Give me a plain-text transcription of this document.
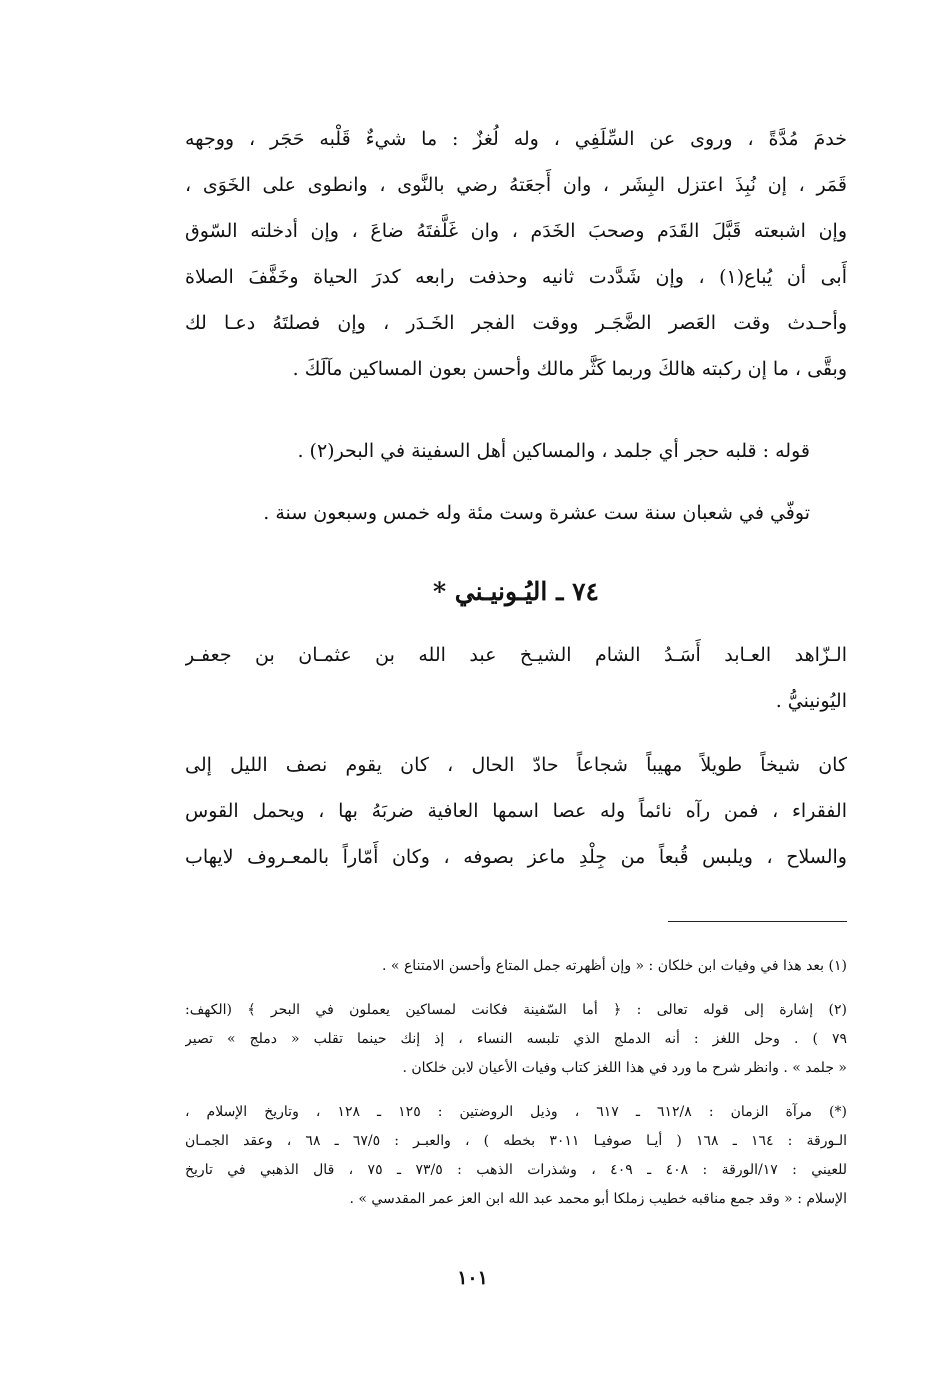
خدمَ مُدَّةً ، وروى عن السِّلَفِي ، وله لُغزٌ : ما شيءٌ قَلْبه حَجَر ، ووجهه
قَمَر ، إن نُبِذَ اعتزل البِشَر ، وان أَجعَتهُ رضي بالنَّوى ، وانطوى على الخَوَى ،
وإن اشبعته قَبَّلَ القَدَم وصحبَ الخَدَم ، وان غَلَّفتَهُ ضاعَ ، وإن أدخلته السّوق
أَبى أن يُباع(١) ، وإن شَدَّدت ثانيه وحذفت رابعه كدرَ الحياة وخَفَّفَ الصلاة
وأحـدث وقت العَصر الضَّجَـر ووقت الفجر الخَـدَر ، وإن فصلتَهُ دعـا لك
وبقَّى ، ما إن ركبته هالكَ وربما كَثَّر مالك وأحسن بعون المساكين مآلَكَ .
قوله : قلبه حجر أي جلمد ، والمساكين أهل السفينة في البحر(٢) .
توفّي في شعبان سنة ست عشرة وست مئة وله خمس وسبعون سنة .
٧٤ ـ اليُـونيـني *
الـزّاهد العـابد أَسَـدُ الشام الشيـخ عبد الله بن عثمـان بن جعفـر
اليُونينيُّ .
كان شيخاً طويلاً مهيباً شجاعاً حادّ الحال ، كان يقوم نصف الليل إلى
الفقراء ، فمن رآه نائماً وله عصا اسمها العافية ضربَهُ بها ، ويحمل القوس
والسلاح ، ويلبس قُبعاً من جِلْدِ ماعز بصوفه ، وكان أَمّاراً بالمعـروف لايهاب
(١) بعد هذا في وفيات ابن خلكان : « وإن أظهرته جمل المتاع وأحسن الامتناع » .
(٢) إشارة إلى قوله تعالى : ﴿ أما السّفينة فكانت لمساكين يعملون في البحر ﴾ (الكهف:
٧٩ ) . وحل اللغز : أنه الدملج الذي تلبسه النساء ، إذ إنك حينما تقلب « دملج » تصير
« جلمد » . وانظر شرح ما ورد في هذا اللغز كتاب وفيات الأعيان لابن خلكان .
(*) مرآة الزمان : ٦١٢/٨ ـ ٦١٧ ، وذيل الروضتين : ١٢٥ ـ ١٢٨ ، وتاريخ الإسلام ،
الـورقة : ١٦٤ ـ ١٦٨ ( أيـا صوفيـا ٣٠١١ بخطه ) ، والعبـر : ٦٧/٥ ـ ٦٨ ، وعقد الجمـان
للعيني : ١٧/الورقة : ٤٠٨ ـ ٤٠٩ ، وشذرات الذهب : ٧٣/٥ ـ ٧٥ ، قال الذهبي في تاريخ
الإسلام : « وقد جمع مناقبه خطيب زملكا أبو محمد عبد الله ابن العز عمر المقدسي » .
١٠١
